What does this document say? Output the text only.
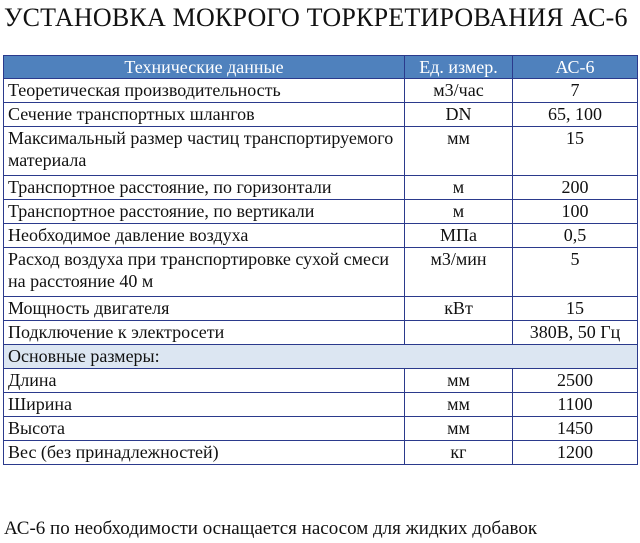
УСТАНОВКА МОКРОГО ТОРКРЕТИРОВАНИЯ АС-6
Технические данные	Ед. измер.	АС-6
Теоретическая производительность	м3/час	7
Сечение транспортных шлангов	DN	65, 100
Максимальный размер частиц транспортируемого материала	мм	15
Транспортное расстояние, по горизонтали	м	200
Транспортное расстояние, по вертикали	м	100
Необходимое давление воздуха	МПа	0,5
Расход воздуха при транспортировке сухой смеси на расстояние 40 м	м3/мин	5
Мощность двигателя	кВт	15
Подключение к электросети		380В, 50 Гц
Основные размеры:		
Длина	мм	2500
Ширина	мм	1100
Высота	мм	1450
Вес (без принадлежностей)	кг	1200
АС-6 по необходимости оснащается насосом для жидких добавок
